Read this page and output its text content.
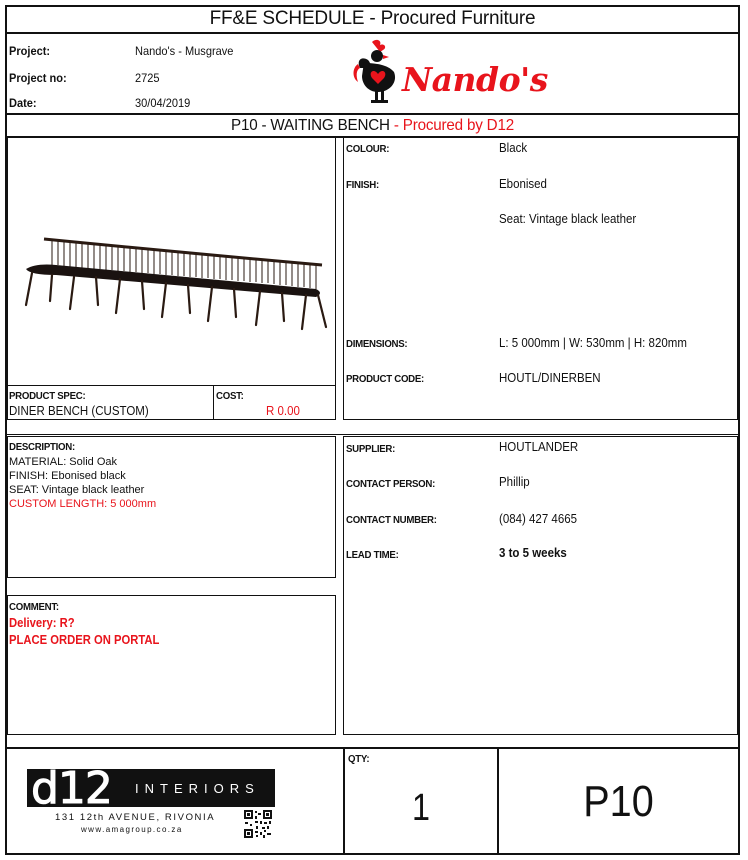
FF&E SCHEDULE - Procured Furniture
Project:	Nando's - Musgrave
Project no:	2725
Date:	30/04/2019
Nando's
P10 - WAITING BENCH - Procured by D12
PRODUCT SPEC:
DINER BENCH (CUSTOM)
COST:
R 0.00
COLOUR:	Black
FINISH:	Ebonised
Seat: Vintage black leather
DIMENSIONS:	L: 5 000mm | W: 530mm | H: 820mm
PRODUCT CODE:	HOUTL/DINERBEN
DESCRIPTION:
MATERIAL: Solid Oak
FINISH: Ebonised black
SEAT: Vintage black leather
CUSTOM LENGTH: 5 000mm
COMMENT:
Delivery: R?
PLACE ORDER ON PORTAL
SUPPLIER:	HOUTLANDER
CONTACT PERSON:	Phillip
CONTACT NUMBER:	(084) 427 4665
LEAD TIME:	3 to 5 weeks
d12 INTERIORS
131 12th AVENUE, RIVONIA
www.amagroup.co.za
QTY:
1	P10
